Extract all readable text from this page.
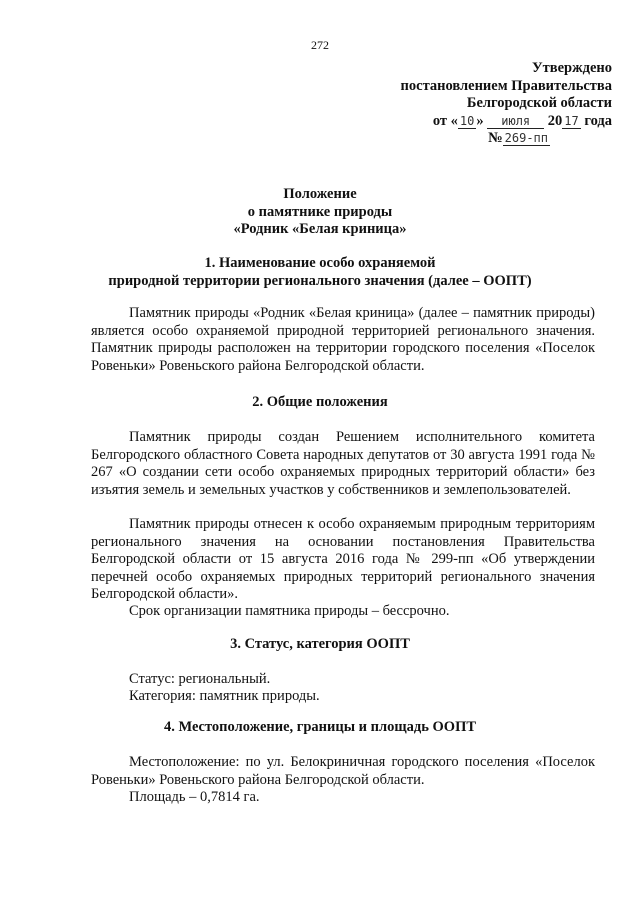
272
Утверждено
постановлением Правительства
Белгородской области
от « 10 » июля 20 17 года
№ 269-пп
Положение
о памятнике природы
«Родник «Белая криница»
1. Наименование особо охраняемой
природной территории регионального значения (далее – ООПТ)
Памятник природы «Родник «Белая криница» (далее – памятник природы) является особо охраняемой природной территорией регионального значения. Памятник природы расположен на территории городского поселения «Поселок Ровеньки» Ровеньского района Белгородской области.
2. Общие положения
Памятник природы создан Решением исполнительного комитета Белгородского областного Совета народных депутатов от 30 августа 1991 года № 267 «О создании сети особо охраняемых природных территорий области» без изъятия земель и земельных участков у собственников и землепользователей.
Памятник природы отнесен к особо охраняемым природным территориям регионального значения на основании постановления Правительства Белгородской области от 15 августа 2016 года № 299-пп «Об утверждении перечней особо охраняемых природных территорий регионального значения Белгородской области».
Срок организации памятника природы – бессрочно.
3. Статус, категория ООПТ
Статус: региональный.
Категория: памятник природы.
4. Местоположение, границы и площадь ООПТ
Местоположение: по ул. Белокриничная городского поселения «Поселок Ровеньки» Ровеньского района Белгородской области.
Площадь – 0,7814 га.
